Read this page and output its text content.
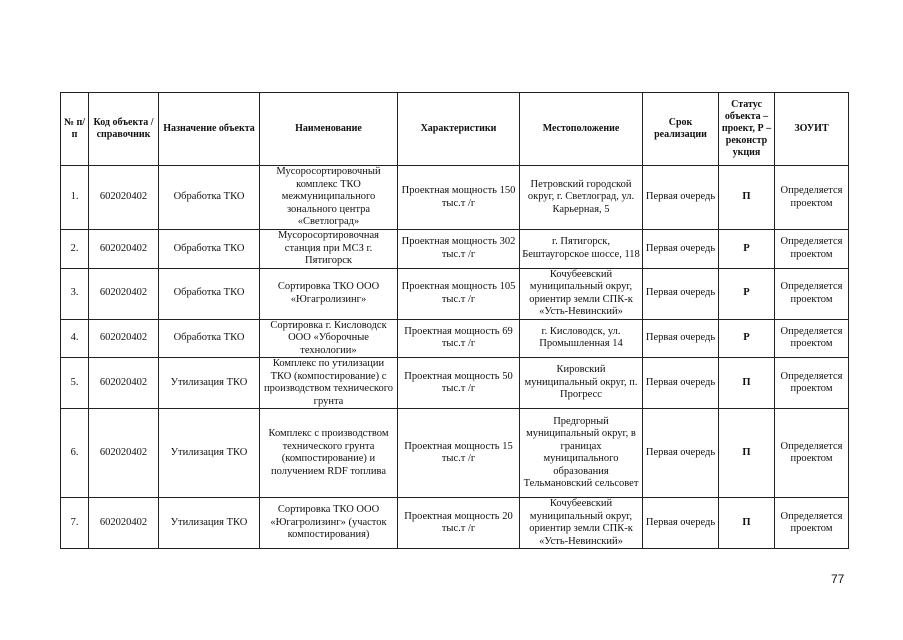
№ п/п	Код объекта / справочник	Назначение объекта	Наименование	Характеристики	Местоположение	Срок реализации	Статус объекта – проект, Р – реконстр укция	ЗОУИТ
1.	602020402	Обработка ТКО	Мусоросортировочный комплекс ТКО межмуниципального зонального центра «Светлоград»	Проектная мощность 150 тыс.т /г	Петровский городской округ, г. Светлоград, ул. Карьерная, 5	Первая очередь	П	Определяется проектом
2.	602020402	Обработка ТКО	Мусоросортировочная станция при МСЗ г. Пятигорск	Проектная мощность 302 тыс.т /г	г. Пятигорск, Бештаугорское шоссе, 118	Первая очередь	Р	Определяется проектом
3.	602020402	Обработка ТКО	Сортировка ТКО ООО «Югагролизинг»	Проектная мощность 105 тыс.т /г	Кочубеевский муниципальный округ, ориентир земли СПК-к «Усть-Невинский»	Первая очередь	Р	Определяется проектом
4.	602020402	Обработка ТКО	Сортировка г. Кисловодск ООО «Уборочные технологии»	Проектная мощность 69 тыс.т /г	г. Кисловодск, ул. Промышленная 14	Первая очередь	Р	Определяется проектом
5.	602020402	Утилизация ТКО	Комплекс по утилизации ТКО (компостирование) с производством технического грунта	Проектная мощность 50 тыс.т /г	Кировский муниципальный округ, п. Прогресс	Первая очередь	П	Определяется проектом
6.	602020402	Утилизация ТКО	Комплекс с производством технического грунта (компостирование) и получением RDF топлива	Проектная мощность 15 тыс.т /г	Предгорный муниципальный округ, в границах муниципального образования Тельмановский сельсовет	Первая очередь	П	Определяется проектом
7.	602020402	Утилизация ТКО	Сортировка ТКО ООО «Югагролизинг» (участок компостирования)	Проектная мощность 20 тыс.т /г	Кочубеевский муниципальный округ, ориентир земли СПК-к «Усть-Невинский»	Первая очередь	П	Определяется проектом
77
